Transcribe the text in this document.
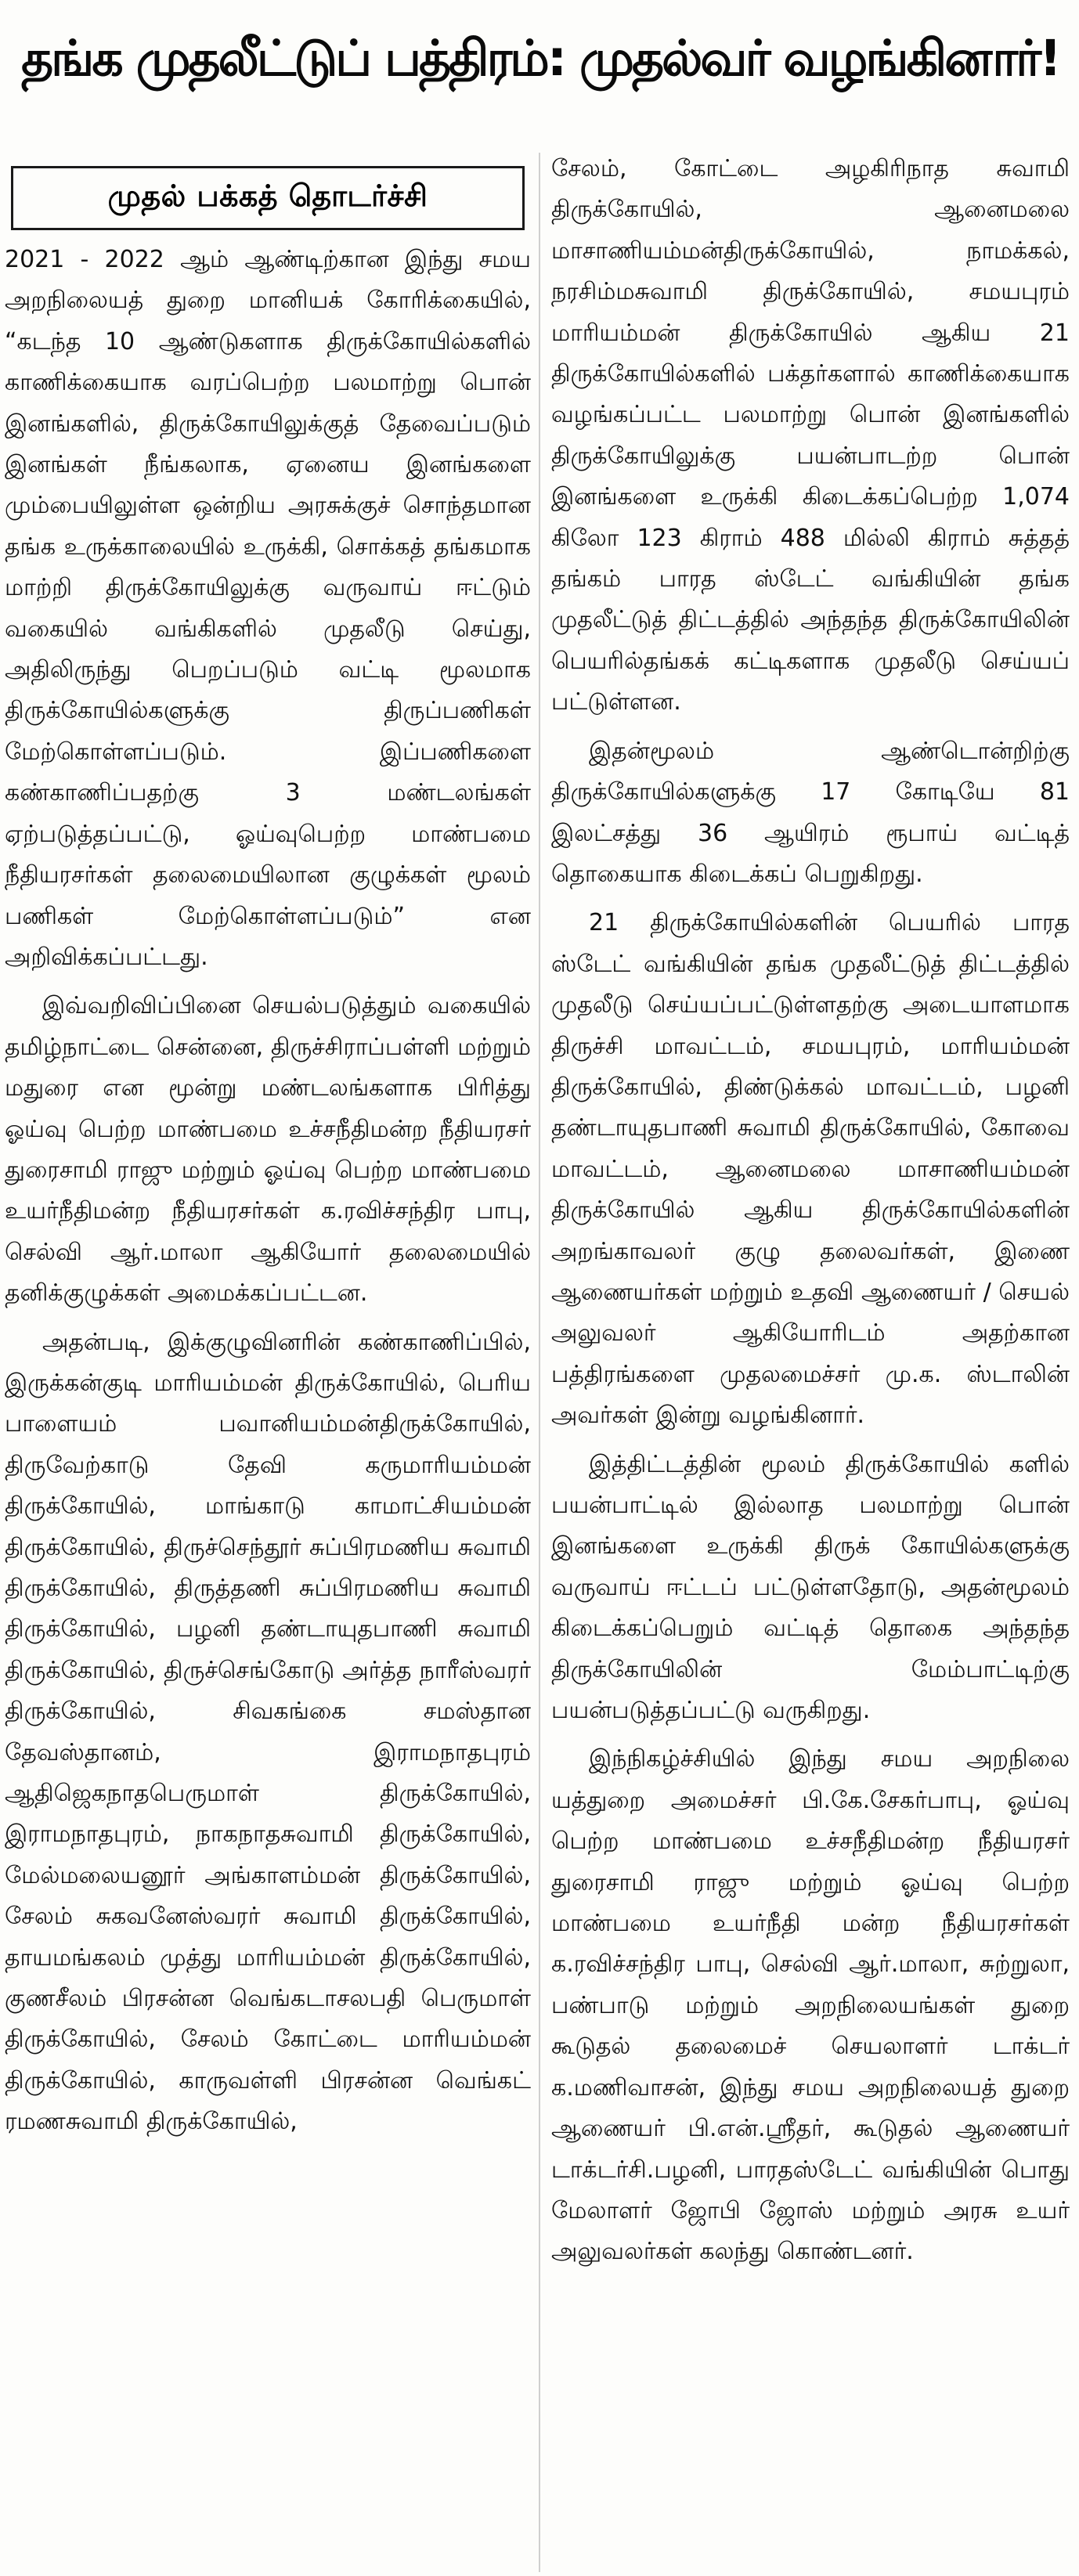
தங்க முதலீட்டுப் பத்திரம்: முதல்வர் வழங்கினார்!
முதல் பக்கத் தொடர்ச்சி

2021 - 2022 ஆம் ஆண்டிற்கான இந்து சமய அறநிலையத் துறை மானியக் கோரிக்கையில், “கடந்த 10 ஆண்டுகளாக திருக்கோயில்களில் காணிக்கையாக வரப்பெற்ற பலமாற்று பொன் இனங்களில், திருக்கோயிலுக்குத் தேவைப்படும் இனங்கள் நீங்கலாக, ஏனைய இனங்களை மும்பையிலுள்ள ஒன்றிய அரசுக்குச் சொந்தமான தங்க உருக்காலையில் உருக்கி, சொக்கத் தங்கமாக மாற்றி திருக்கோயிலுக்கு வருவாய் ஈட்டும் வகையில் வங்கிகளில் முதலீடு செய்து, அதிலிருந்து பெறப்படும் வட்டி மூலமாக திருக்கோயில்களுக்கு திருப்பணிகள் மேற்கொள்ளப்படும். இப்பணிகளை கண்காணிப்பதற்கு 3 மண்டலங்கள் ஏற்படுத்தப்பட்டு, ஓய்வுபெற்ற மாண்பமை நீதியரசர்கள் தலைமையிலான குழுக்கள் மூலம் பணிகள் மேற்கொள்ளப்படும்” என அறிவிக்கப்பட்டது.

இவ்வறிவிப்பினை செயல்படுத்தும் வகையில் தமிழ்நாட்டை சென்னை, திருச்சிராப்பள்ளி மற்றும் மதுரை என மூன்று மண்டலங்களாக பிரித்து ஓய்வு பெற்ற மாண்பமை உச்சநீதிமன்ற நீதியரசர் துரைசாமி ராஜு மற்றும் ஓய்வு பெற்ற மாண்பமை உயர்நீதிமன்ற நீதியரசர்கள் க.ரவிச்சந்திர பாபு, செல்வி ஆர்.மாலா ஆகியோர் தலைமையில் தனிக்குழுக்கள் அமைக்கப்பட்டன.

அதன்படி, இக்குழுவினரின் கண்காணிப்பில், இருக்கன்குடி மாரியம்மன் திருக்கோயில், பெரிய பாளையம் பவானியம்மன்திருக்கோயில், திருவேற்காடு தேவி கருமாரியம்மன் திருக்கோயில், மாங்காடு காமாட்சியம்மன் திருக்கோயில், திருச்செந்தூர் சுப்பிரமணிய சுவாமி திருக்கோயில், திருத்தணி சுப்பிரமணிய சுவாமி திருக்கோயில், பழனி தண்டாயுதபாணி சுவாமி திருக்கோயில், திருச்செங்கோடு அர்த்த நாரீஸ்வரர் திருக்கோயில், சிவகங்கை சமஸ்தான தேவஸ்தானம், இராமநாதபுரம் ஆதிஜெகநாதபெருமாள் திருக்கோயில், இராமநாதபுரம், நாகநாதசுவாமி திருக்கோயில், மேல்மலையனூர் அங்காளம்மன் திருக்கோயில், சேலம் சுகவனேஸ்வரர் சுவாமி திருக்கோயில், தாயமங்கலம் முத்து மாரியம்மன் திருக்கோயில், குணசீலம் பிரசன்ன வெங்கடாசலபதி பெருமாள் திருக்கோயில், சேலம் கோட்டை மாரியம்மன் திருக்கோயில், காருவள்ளி பிரசன்ன வெங்கட் ரமணசுவாமி திருக்கோயில்,

சேலம், கோட்டை அழகிரிநாத சுவாமி திருக்கோயில், ஆனைமலை மாசாணியம்மன்திருக்கோயில், நாமக்கல், நரசிம்மசுவாமி திருக்கோயில், சமயபுரம் மாரியம்மன் திருக்கோயில் ஆகிய 21 திருக்கோயில்களில் பக்தர்களால் காணிக்கையாக வழங்கப்பட்ட பலமாற்று பொன் இனங்களில் திருக்கோயிலுக்கு பயன்பாடற்ற பொன் இனங்களை உருக்கி கிடைக்கப்பெற்ற 1,074 கிலோ 123 கிராம் 488 மில்லி கிராம் சுத்தத் தங்கம் பாரத ஸ்டேட் வங்கியின் தங்க முதலீட்டுத் திட்டத்தில் அந்தந்த திருக்கோயிலின் பெயரில்தங்கக் கட்டிகளாக முதலீடு செய்யப் பட்டுள்ளன.

இதன்மூலம் ஆண்டொன்றிற்கு திருக்கோயில்களுக்கு 17 கோடியே 81 இலட்சத்து 36 ஆயிரம் ரூபாய் வட்டித் தொகையாக கிடைக்கப் பெறுகிறது.

21 திருக்கோயில்களின் பெயரில் பாரத ஸ்டேட் வங்கியின் தங்க முதலீட்டுத் திட்டத்தில் முதலீடு செய்யப்பட்டுள்ளதற்கு அடையாளமாக திருச்சி மாவட்டம், சமயபுரம், மாரியம்மன் திருக்கோயில், திண்டுக்கல் மாவட்டம், பழனி தண்டாயுதபாணி சுவாமி திருக்கோயில், கோவை மாவட்டம், ஆனைமலை மாசாணியம்மன் திருக்கோயில் ஆகிய திருக்கோயில்களின் அறங்காவலர் குழு தலைவர்கள், இணை ஆணையர்கள் மற்றும் உதவி ஆணையர் / செயல் அலுவலர் ஆகியோரிடம் அதற்கான பத்திரங்களை முதலமைச்சர் மு.க. ஸ்டாலின் அவர்கள் இன்று வழங்கினார்.

இத்திட்டத்தின் மூலம் திருக்கோயில் களில் பயன்பாட்டில் இல்லாத பலமாற்று பொன் இனங்களை உருக்கி திருக் கோயில்களுக்கு வருவாய் ஈட்டப் பட்டுள்ளதோடு, அதன்மூலம் கிடைக்கப்பெறும் வட்டித் தொகை அந்தந்த திருக்கோயிலின் மேம்பாட்டிற்கு பயன்படுத்தப்பட்டு வருகிறது.

இந்நிகழ்ச்சியில் இந்து சமய அறநிலை யத்துறை அமைச்சர் பி.கே.சேகர்பாபு, ஓய்வு பெற்ற மாண்பமை உச்சநீதிமன்ற நீதியரசர் துரைசாமி ராஜு மற்றும் ஓய்வு பெற்ற மாண்பமை உயர்நீதி மன்ற நீதியரசர்கள் க.ரவிச்சந்திர பாபு, செல்வி ஆர்.மாலா, சுற்றுலா, பண்பாடு மற்றும் அறநிலையங்கள் துறை கூடுதல் தலைமைச் செயலாளர் டாக்டர் க.மணிவாசன், இந்து சமய அறநிலையத் துறை ஆணையர் பி.என்.ஸ்ரீதர், கூடுதல் ஆணையர் டாக்டர்சி.பழனி, பாரதஸ்டேட் வங்கியின் பொது மேலாளர் ஜோபி ஜோஸ் மற்றும் அரசு உயர் அலுவலர்கள் கலந்து கொண்டனர்.
